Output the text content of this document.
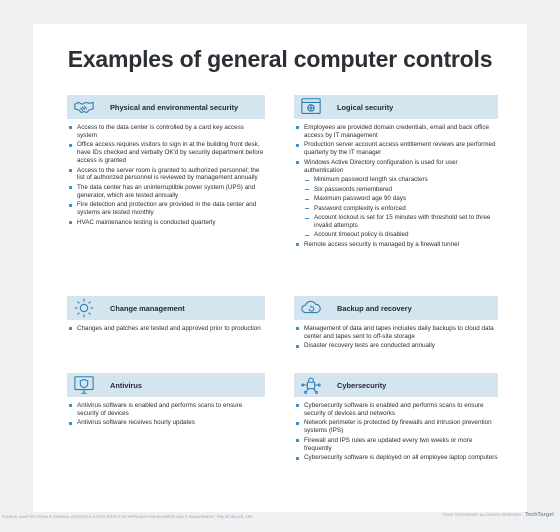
Examples of general computer controls
Physical and environmental security
Access to the data center is controlled by a card key access system
Office access requires visitors to sign in at the building front desk, have IDs checked and verbally OK'd by security department before access is granted
Access to the server room is granted to authorized personnel; the list of authorized personnel is reviewed by management annually
The data center has an uninterruptible power system (UPS) and generator, which are tested annually
Fire detection and protection are provided in the data center and systems are tested monthly
HVAC maintenance testing is conducted quarterly
Logical security
Employees are provided domain credentials, email and back office access by IT management
Production server account access entitlement reviews are performed quarterly by the IT manager
Windows Active Directory configuration is used for user authentication
Minimum password length six characters
Six passwords remembered
Maximum password age 90 days
Password complexity is enforced
Account lockout is set for 15 minutes with threshold set to three invalid attempts
Account timeout policy is disabled
Remote access security is managed by a firewall tunnel
Change management
Changes and patches are tested and approved prior to production
Backup and recovery
Management of data and tapes includes daily backups to cloud data center and tapes sent to off-site storage
Disaster recovery tests are conducted annually
Antivirus
Antivirus software is enabled and performs scans to ensure security of devices
Antivirus software receives hourly updates
Cybersecurity
Cybersecurity software is enabled and performs scans to ensure security of devices and networks
Network perimeter is protected by firewalls and intrusion prevention systems (IPS)
Firewall and IPS rules are updated every two weeks or more frequently
Cybersecurity software is deployed on all employee laptop computers
SOURCE: ADAPTED FROM IT GENERAL CONTROLS: A COST-EFFECTIVE APPROACH FOR BUSINESS AND IT MANAGEMENT, TRACIE MILLER, CPA	©2022 TECHTARGET. ALL RIGHTS RESERVED TechTarget
